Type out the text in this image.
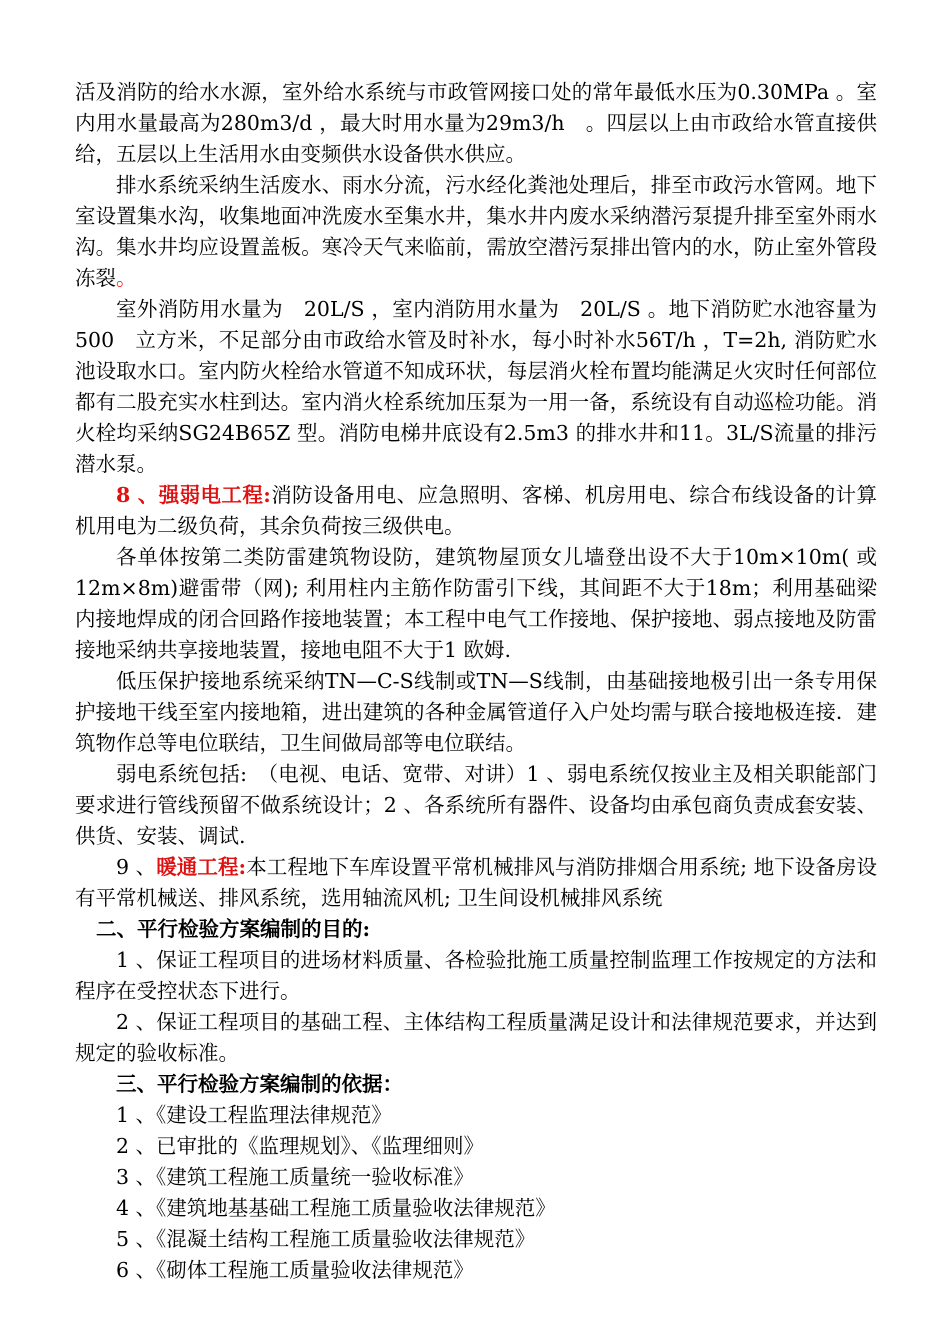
活及消防的给水水源，室外给水系统与市政管网接口处的常年最低水压为0.30MPa 。室内用水量最高为280m3/d ，最大时用水量为29m3/h　。四层以上由市政给水管直接供给，五层以上生活用水由变频供水设备供水供应。

排水系统采纳生活废水、雨水分流，污水经化粪池处理后，排至市政污水管网。地下室设置集水沟，收集地面冲洗废水至集水井，集水井内废水采纳潜污泵提升排至室外雨水沟。集水井均应设置盖板。寒冷天气来临前，需放空潜污泵排出管内的水，防止室外管段冻裂。

室外消防用水量为　20L/S ，室内消防用水量为　20L/S 。地下消防贮水池容量为500　立方米，不足部分由市政给水管及时补水，每小时补水56T/h ，T=2h, 消防贮水池设取水口。室内防火栓给水管道不知成环状，每层消火栓布置均能满足火灾时任何部位都有二股充实水柱到达。室内消火栓系统加压泵为一用一备，系统设有自动巡检功能。消火栓均采纳SG24B65Z 型。消防电梯井底设有2.5m3 的排水井和11。3L/S流量的排污潜水泵。

8 、强弱电工程:消防设备用电、应急照明、客梯、机房用电、综合布线设备的计算机用电为二级负荷，其余负荷按三级供电。

各单体按第二类防雷建筑物设防，建筑物屋顶女儿墙登出设不大于10m×10m( 或12m×8m)避雷带（网); 利用柱内主筋作防雷引下线，其间距不大于18m；利用基础梁内接地焊成的闭合回路作接地装置；本工程中电气工作接地、保护接地、弱点接地及防雷接地采纳共享接地装置，接地电阻不大于1 欧姆.

低压保护接地系统采纳TN—C-S线制或TN—S线制，由基础接地极引出一条专用保护接地干线至室内接地箱，进出建筑的各种金属管道仔入户处均需与联合接地极连接．建筑物作总等电位联结，卫生间做局部等电位联结。

弱电系统包括:　（电视、电话、宽带、对讲）1 、弱电系统仅按业主及相关职能部门要求进行管线预留不做系统设计；2 、各系统所有器件、设备均由承包商负责成套安装、供货、安装、调试.

9 、暖通工程:本工程地下车库设置平常机械排风与消防排烟合用系统; 地下设备房设有平常机械送、排风系统，选用轴流风机; 卫生间设机械排风系统

二、平行检验方案编制的目的:

1 、保证工程项目的进场材料质量、各检验批施工质量控制监理工作按规定的方法和程序在受控状态下进行。

2 、保证工程项目的基础工程、主体结构工程质量满足设计和法律规范要求，并达到规定的验收标准。

三、平行检验方案编制的依据：

1 、《建设工程监理法律规范》

2 、已审批的《监理规划》、《监理细则》

3 、《建筑工程施工质量统一验收标准》

4 、《建筑地基基础工程施工质量验收法律规范》

5 、《混凝土结构工程施工质量验收法律规范》

6 、《砌体工程施工质量验收法律规范》
